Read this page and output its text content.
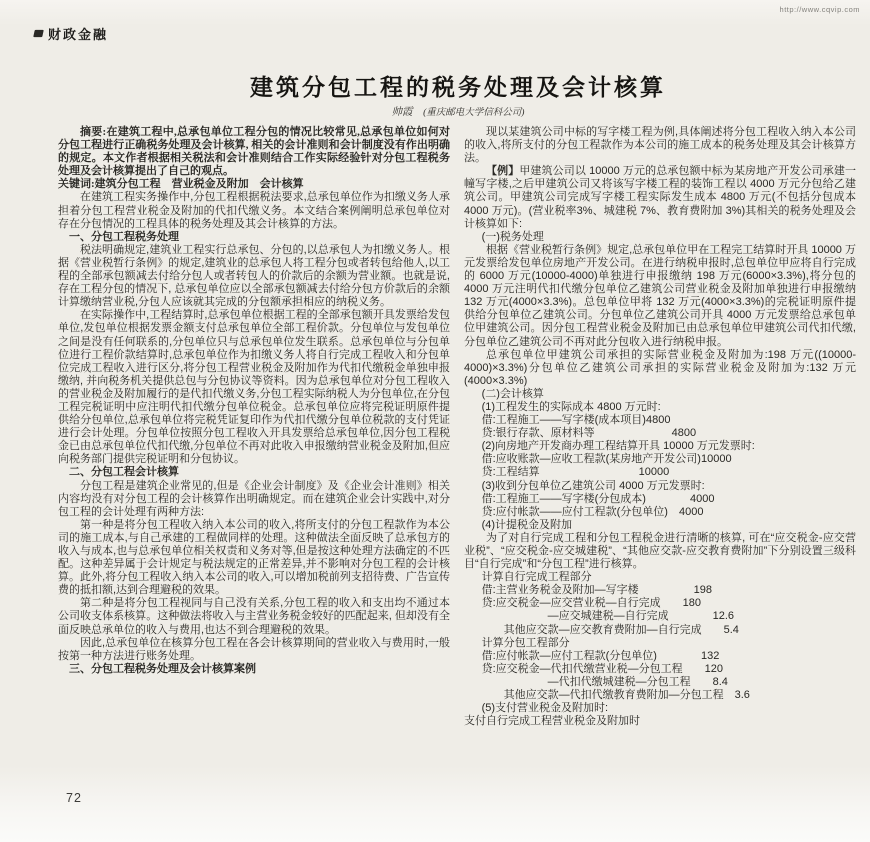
http://www.cqvip.com
财政金融
建筑分包工程的税务处理及会计核算
帅霞 (重庆邮电大学信科公司)

摘要:在建筑工程中,总承包单位工程分包的情况比较常见,总承包单位如何对分包工程进行正确税务处理及会计核算, 相关的会计准则和会计制度没有作出明确的规定。本文作者根据相关税法和会计准则结合工作实际经验针对分包工程税务处理及会计核算提出了自己的观点。

关键词:建筑分包工程　营业税金及附加　会计核算

在建筑工程实务操作中,分包工程根据税法要求,总承包单位作为扣缴义务人承担着分包工程营业税金及附加的代扣代缴义务。本文结合案例阐明总承包单位对存在分包情况的工程具体的税务处理及其会计核算的方法。

一、分包工程税务处理

税法明确规定,建筑业工程实行总承包、分包的,以总承包人为扣缴义务人。根据《营业税暂行条例》的规定,建筑业的总承包人将工程分包或者转包给他人,以工程的全部承包额减去付给分包人或者转包人的价款后的余额为营业额。也就是说,存在工程分包的情况下, 总承包单位应以全部承包额减去付给分包方价款后的余额计算缴纳营业税,分包人应该就其完成的分包额承担相应的纳税义务。

在实际操作中,工程结算时,总承包单位根据工程的全部承包额开具发票给发包单位,发包单位根据发票金额支付总承包单位全部工程价款。分包单位与发包单位之间是没有任何联系的,分包单位只与总承包单位发生联系。总承包单位与分包单位进行工程价款结算时,总承包单位作为扣缴义务人将自行完成工程收入和分包单位完成工程收入进行区分,将分包工程营业税金及附加作为代扣代缴税金单独申报缴纳, 并向税务机关提供总包与分包协议等资料。因为总承包单位对分包工程收入的营业税金及附加履行的是代扣代缴义务,分包工程实际纳税人为分包单位,在分包工程完税证明中应注明代扣代缴分包单位税金。总承包单位应将完税证明原件提供给分包单位,总承包单位将完税凭证复印作为代扣代缴分包单位税款的支付凭证进行会计处理。分包单位按照分包工程收入开具发票给总承包单位,因分包工程税金已由总承包单位代扣代缴,分包单位不再对此收入申报缴纳营业税金及附加,但应向税务部门提供完税证明和分包协议。

二、分包工程会计核算

分包工程是建筑企业常见的,但是《企业会计制度》及《企业会计准则》相关内容均没有对分包工程的会计核算作出明确规定。而在建筑企业会计实践中,对分包工程的会计处理有两种方法:

第一种是将分包工程收入纳入本公司的收入,将所支付的分包工程款作为本公司的施工成本,与自己承建的工程做同样的处理。这种做法全面反映了总承包方的收入与成本,也与总承包单位相关权责和义务对等,但是按这种处理方法确定的不匹配。这种差异属于会计规定与税法规定的正常差异,并不影响对分包工程的会计核算。此外,将分包工程收入纳入本公司的收入,可以增加税前列支招待费、广告宣传费的抵扣额,达到合理避税的效果。

第二种是将分包工程视同与自己没有关系,分包工程的收入和支出均不通过本公司收支体系核算。这种做法将收入与主营业务税金较好的匹配起来, 但却没有全面反映总承单位的收入与费用,也达不到合理避税的效果。

因此,总承包单位在核算分包工程在各会计核算期间的营业收入与费用时,一般按第一种方法进行账务处理。

三、分包工程税务处理及会计核算案例

现以某建筑公司中标的写字楼工程为例,具体阐述将分包工程收入纳入本公司的收入,将所支付的分包工程款作为本公司的施工成本的税务处理及其会计核算方法。

【例】甲建筑公司以 10000 万元的总承包额中标为某房地产开发公司承建一幢写字楼,之后甲建筑公司又将该写字楼工程的装饰工程以 4000 万元分包给乙建筑公司。甲建筑公司完成写字楼工程实际发生成本 4800 万元(不包括分包成本 4000 万元)。(营业税率3%、城建税 7%、教育费附加 3%)其相关的税务处理及会计核算如下:

(一)税务处理

根据《营业税暂行条例》规定,总承包单位甲在工程完工结算时开具 10000 万元发票给发包单位房地产开发公司。在进行纳税申报时,总包单位甲应将自行完成的 6000 万元(10000-4000)单独进行申报缴纳 198 万元(6000×3.3%),将分包的 4000 万元注明代扣代缴分包单位乙建筑公司营业税金及附加单独进行申报缴纳 132 万元(4000×3.3%)。总包单位甲将 132 万元(4000×3.3%)的完税证明原件提供给分包单位乙建筑公司。分包单位乙建筑公司开具 4000 万元发票给总承包单位甲建筑公司。因分包工程营业税金及附加已由总承包单位甲建筑公司代扣代缴,分包单位乙建筑公司不再对此分包收入进行纳税申报。

总承包单位甲建筑公司承担的实际营业税金及附加为:198 万元((10000-4000)×3.3%)分包单位乙建筑公司承担的实际营业税金及附加为:132 万元(4000×3.3%)

(二)会计核算

(1)工程发生的实际成本 4800 万元时:
借:工程施工——写字楼(成本项目)4800
贷:银行存款、原材料等　　　　　　　4800
(2)向房地产开发商办理工程结算开具 10000 万元发票时:
借:应收账款—应收工程款(某房地产开发公司)10000
贷:工程结算　　　　　　　　　10000
(3)收到分包单位乙建筑公司 4000 万元发票时:
借:工程施工——写字楼(分包成本)　　　　4000
贷:应付帐款——应付工程款(分包单位)　4000
(4)计提税金及附加

为了对自行完成工程和分包工程税金进行清晰的核算, 可在“应交税金-应交营业税”、“应交税金-应交城建税”、“其他应交款-应交教育费附加”下分别设置三级科目“自行完成”和“分包工程”进行核算。

计算自行完成工程部分
借:主营业务税金及附加—写字楼　　　　　198
贷:应交税金—应交营业税—自行完成　　180
　　　　　　—应交城建税—自行完成　　　　12.6
　　其他应交款—应交教育费附加—自行完成　　5.4
计算分包工程部分
借:应付帐款—应付工程款(分包单位)　　　　132
贷:应交税金—代扣代缴营业税—分包工程　　120
　　　　　　—代扣代缴城建税—分包工程　　8.4
　　其他应交款—代扣代缴教育费附加—分包工程　3.6
(5)支付营业税金及附加时:
支付自行完成工程营业税金及附加时
72
